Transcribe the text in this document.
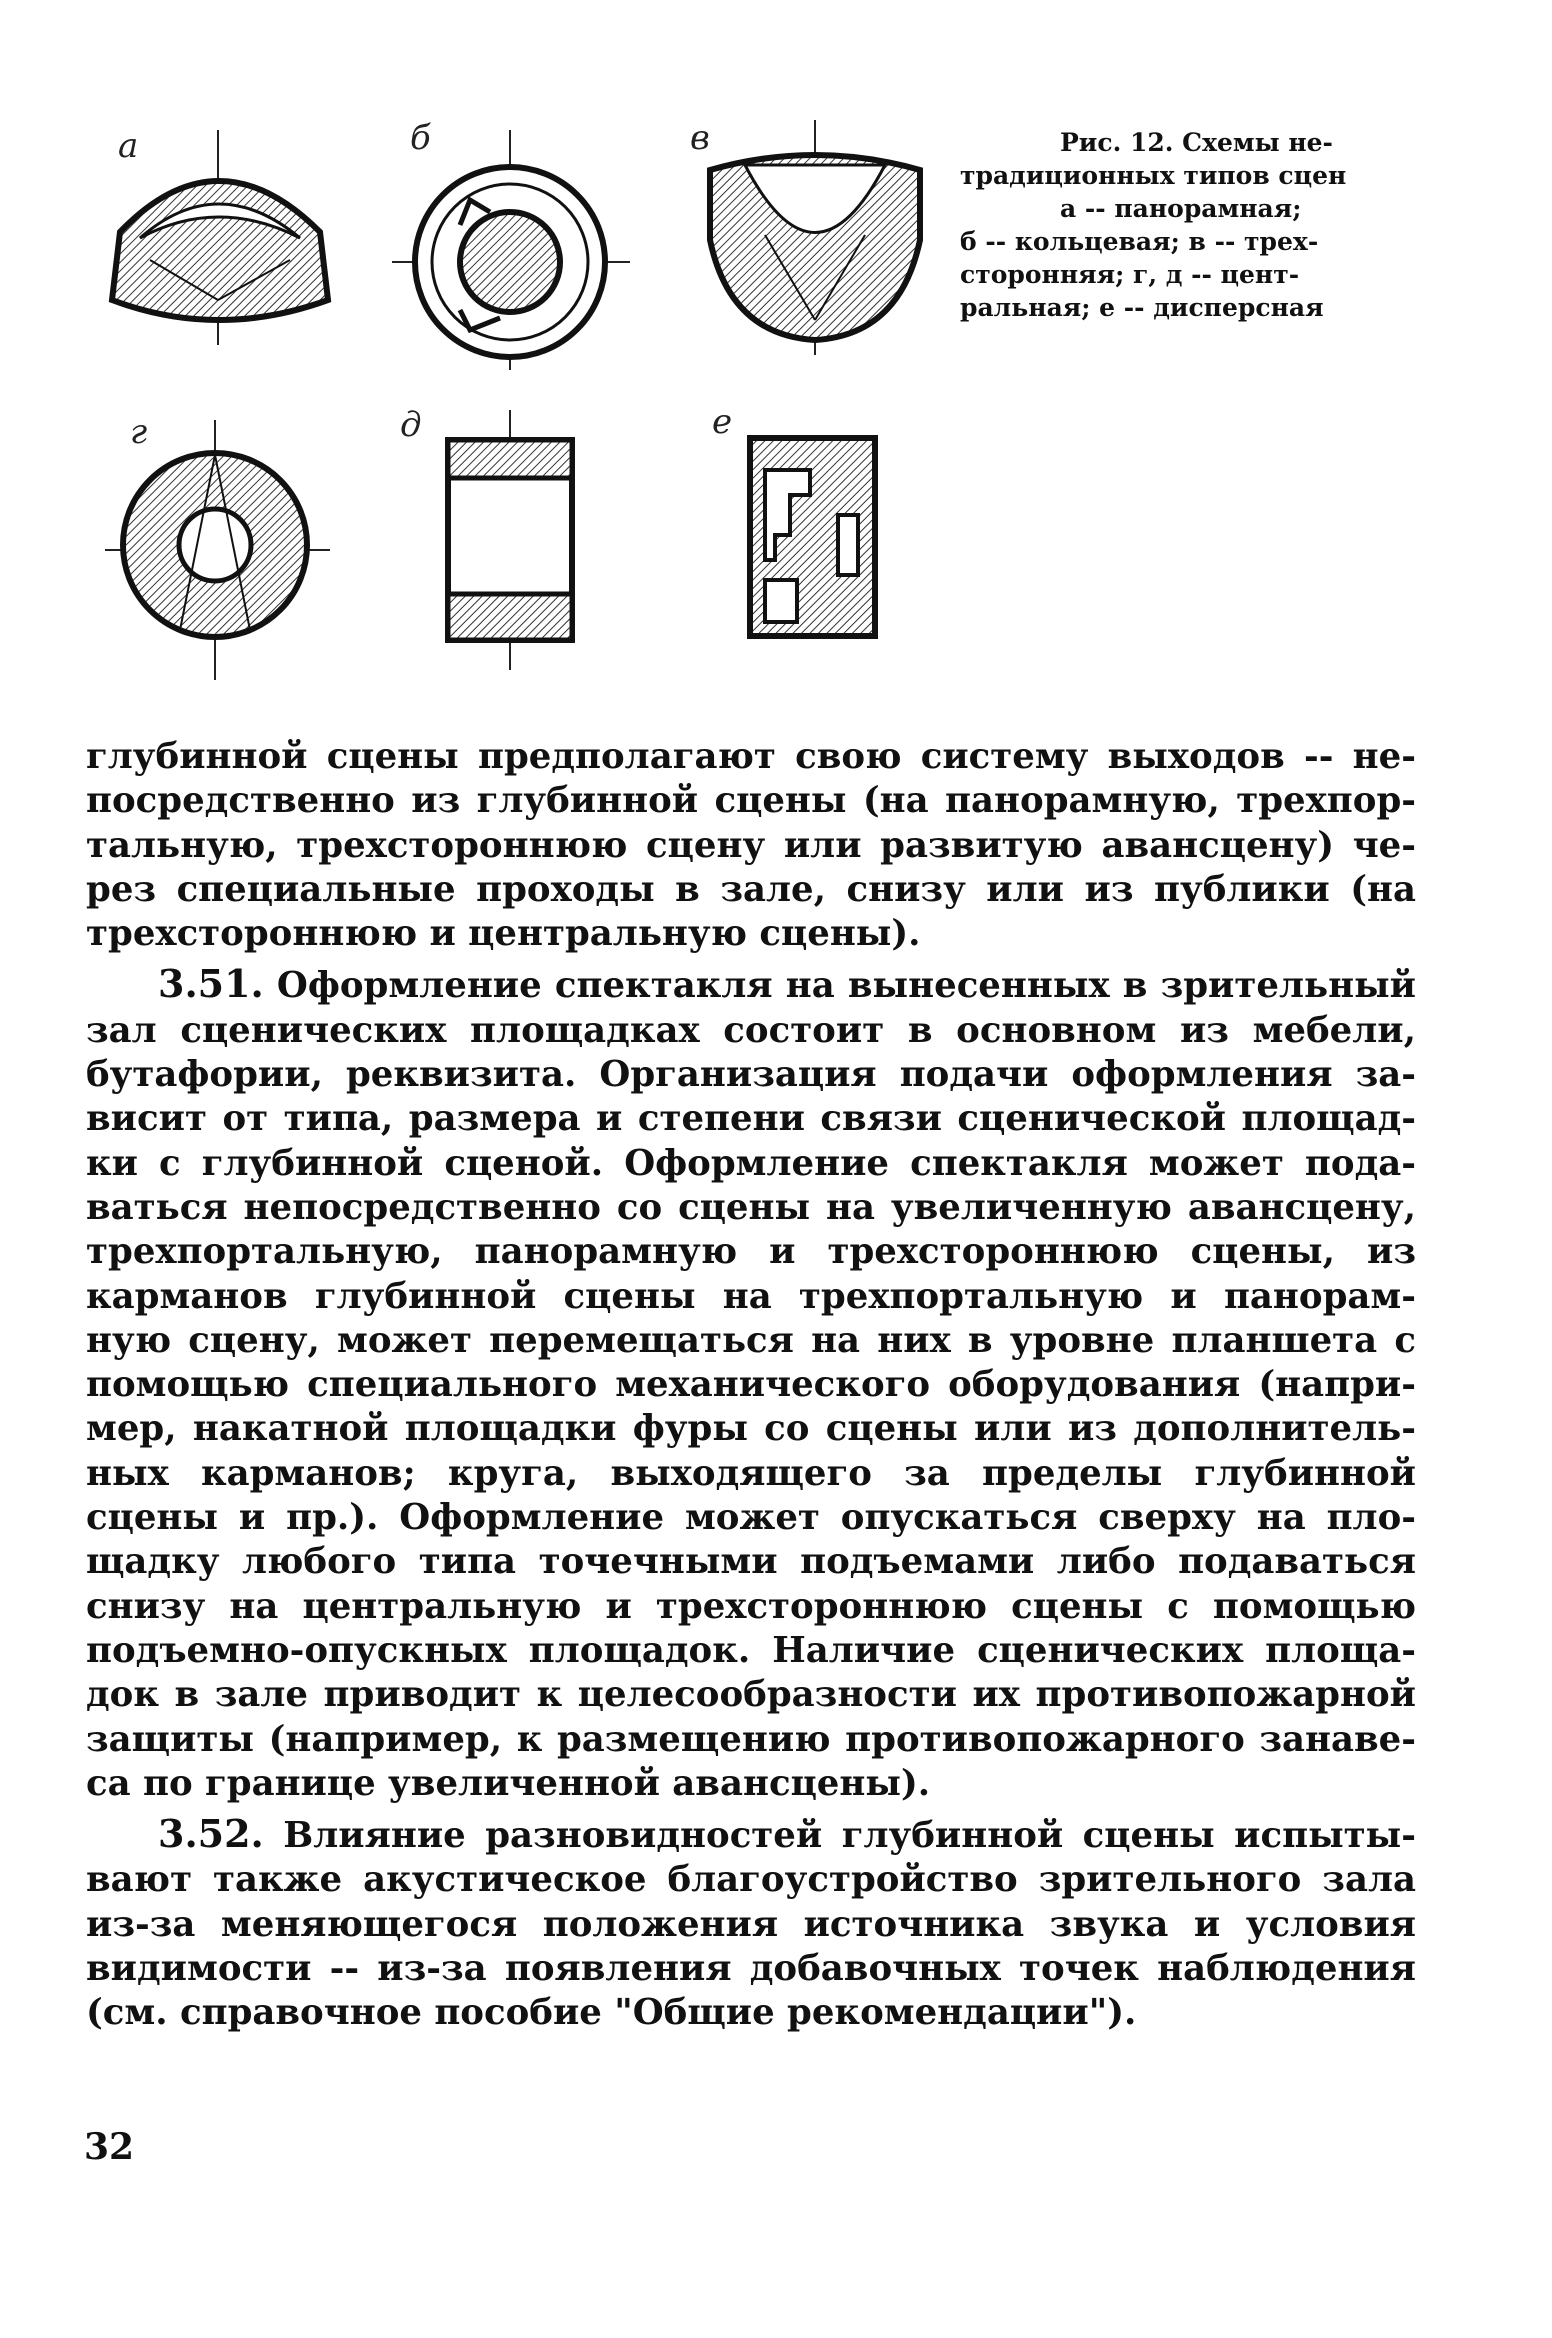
а	б	в
г	д	е
Рис. 12. Схемы не-
традиционных типов сцен
а -- панорамная;
б -- кольцевая; в -- трех-
сторонняя; г, д -- цент-
ральная; е -- дисперсная
глубинной сцены предполагают свою систему выходов -- не-
посредственно из глубинной сцены (на панорамную, трехпор-
тальную, трехстороннюю сцену или развитую авансцену) че-
рез специальные проходы в зале, снизу или из публики (на
трехстороннюю и центральную сцены).
3.51. Оформление спектакля на вынесенных в зрительный
зал сценических площадках состоит в основном из мебели,
бутафории, реквизита. Организация подачи оформления за-
висит от типа, размера и степени связи сценической площад-
ки с глубинной сценой. Оформление спектакля может пода-
ваться непосредственно со сцены на увеличенную авансцену,
трехпортальную, панорамную и трехстороннюю сцены, из
карманов глубинной сцены на трехпортальную и панорам-
ную сцену, может перемещаться на них в уровне планшета с
помощью специального механического оборудования (напри-
мер, накатной площадки фуры со сцены или из дополнитель-
ных карманов; круга, выходящего за пределы глубинной
сцены и пр.). Оформление может опускаться сверху на пло-
щадку любого типа точечными подъемами либо подаваться
снизу на центральную и трехстороннюю сцены с помощью
подъемно-опускных площадок. Наличие сценических площа-
док в зале приводит к целесообразности их противопожарной
защиты (например, к размещению противопожарного занаве-
са по границе увеличенной авансцены).
3.52. Влияние разновидностей глубинной сцены испыты-
вают также акустическое благоустройство зрительного зала
из-за меняющегося положения источника звука и условия
видимости -- из-за появления добавочных точек наблюдения
(см. справочное пособие "Общие рекомендации").
32
